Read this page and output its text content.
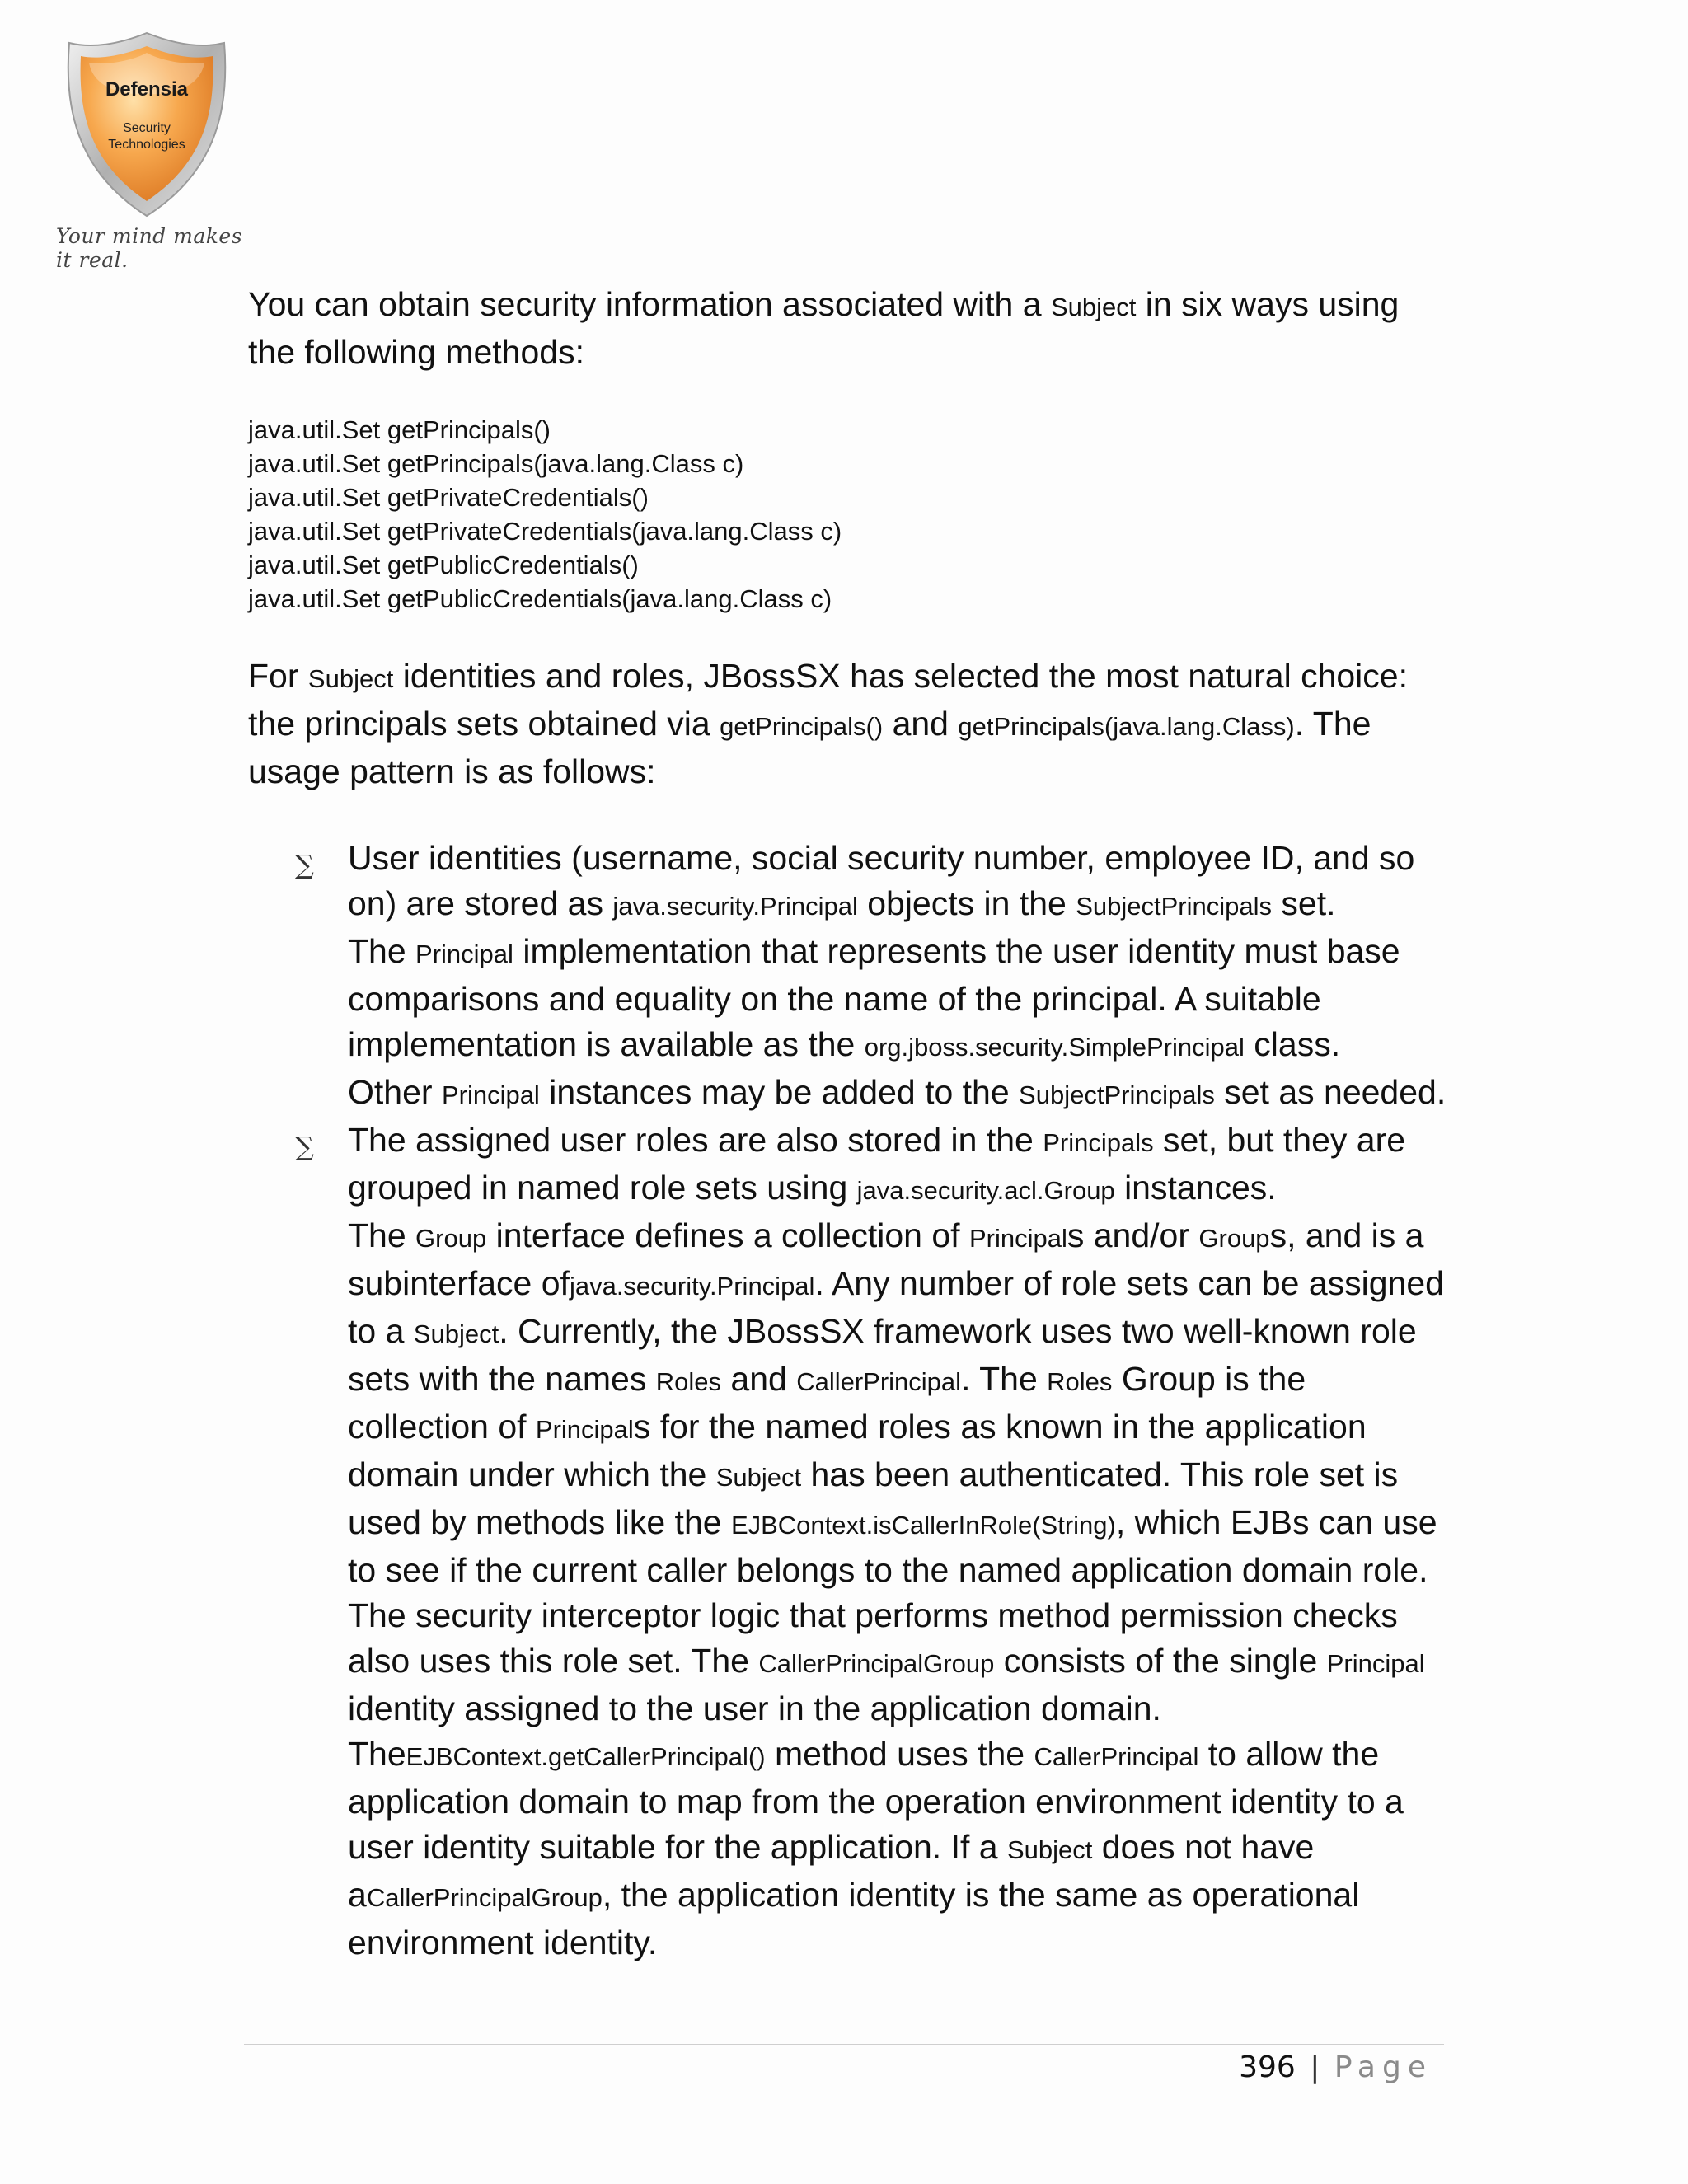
Defensia
Security
Technologies
Your mind makes it real.

You can obtain security information associated with a Subject in six ways using the following methods:

java.util.Set getPrincipals()
java.util.Set getPrincipals(java.lang.Class c)
java.util.Set getPrivateCredentials()
java.util.Set getPrivateCredentials(java.lang.Class c)
java.util.Set getPublicCredentials()
java.util.Set getPublicCredentials(java.lang.Class c)

For Subject identities and roles, JBossSX has selected the most natural choice: the principals sets obtained via getPrincipals() and getPrincipals(java.lang.Class). The usage pattern is as follows:

∑ User identities (username, social security number, employee ID, and so on) are stored as java.security.Principal objects in the SubjectPrincipals set.
The Principal implementation that represents the user identity must base comparisons and equality on the name of the principal. A suitable implementation is available as the org.jboss.security.SimplePrincipal class.
Other Principal instances may be added to the SubjectPrincipals set as needed.
∑ The assigned user roles are also stored in the Principals set, but they are grouped in named role sets using java.security.acl.Group instances.
The Group interface defines a collection of Principals and/or Groups, and is a subinterface ofjava.security.Principal. Any number of role sets can be assigned to a Subject. Currently, the JBossSX framework uses two well-known role sets with the names Roles and CallerPrincipal. The Roles Group is the collection of Principals for the named roles as known in the application domain under which the Subject has been authenticated. This role set is used by methods like the EJBContext.isCallerInRole(String), which EJBs can use to see if the current caller belongs to the named application domain role. The security interceptor logic that performs method permission checks also uses this role set. The CallerPrincipalGroup consists of the single Principal identity assigned to the user in the application domain. TheEJBContext.getCallerPrincipal() method uses the CallerPrincipal to allow the application domain to map from the operation environment identity to a user identity suitable for the application. If a Subject does not have aCallerPrincipalGroup, the application identity is the same as operational environment identity.
396 | Page
